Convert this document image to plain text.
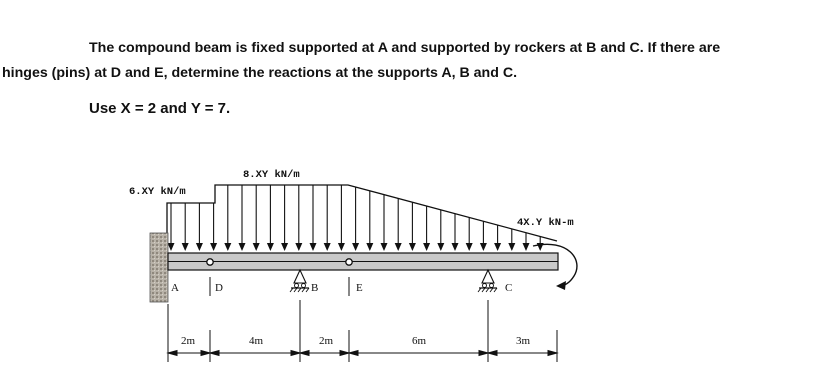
The compound beam is fixed supported at A and supported by rockers at B and C. If there are
hinges (pins) at D and E, determine the reactions at the supports A, B and C.
Use X = 2 and Y = 7.
A	D	B	E	C
6.XY kN/m
8.XY kN/m
4X.Y kN-m
2m	4m	2m	6m	3m
